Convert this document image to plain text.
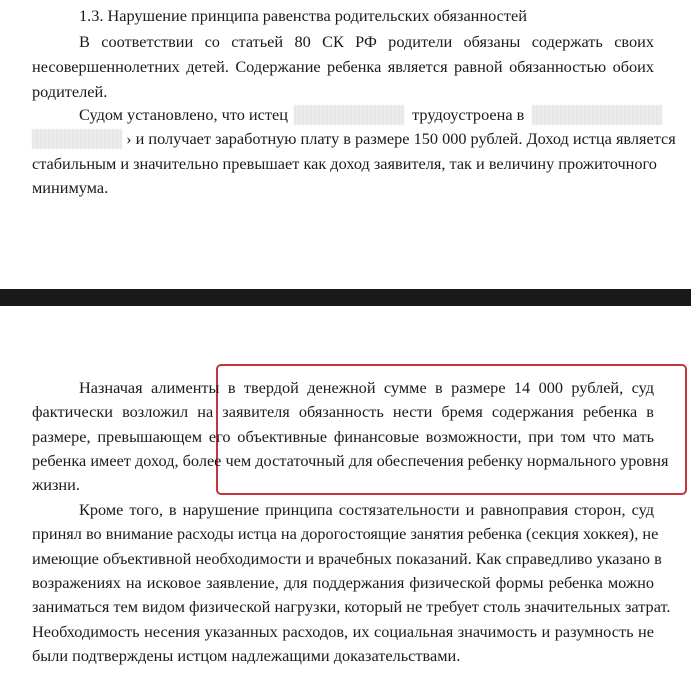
1.3. Нарушение принципа равенства родительских обязанностей
В соответствии со статьей 80 СК РФ родители обязаны содержать своих
несовершеннолетних детей. Содержание ребенка является равной обязанностью обоих
родителей.
Судом установлено, что истец	трудоустроена в
› и получает заработную плату в размере 150 000 рублей. Доход истца является
стабильным и значительно превышает как доход заявителя, так и величину прожиточного
минимума.
Назначая алименты в твердой денежной сумме в размере 14 000 рублей, суд
фактически возложил на заявителя обязанность нести бремя содержания ребенка в
размере, превышающем его объективные финансовые возможности, при том что мать
ребенка имеет доход, более чем достаточный для обеспечения ребенку нормального уровня
жизни.
Кроме того, в нарушение принципа состязательности и равноправия сторон, суд
принял во внимание расходы истца на дорогостоящие занятия ребенка (секция хоккея), не
имеющие объективной необходимости и врачебных показаний. Как справедливо указано в
возражениях на исковое заявление, для поддержания физической формы ребенка можно
заниматься тем видом физической нагрузки, который не требует столь значительных затрат.
Необходимость несения указанных расходов, их социальная значимость и разумность не
были подтверждены истцом надлежащими доказательствами.
